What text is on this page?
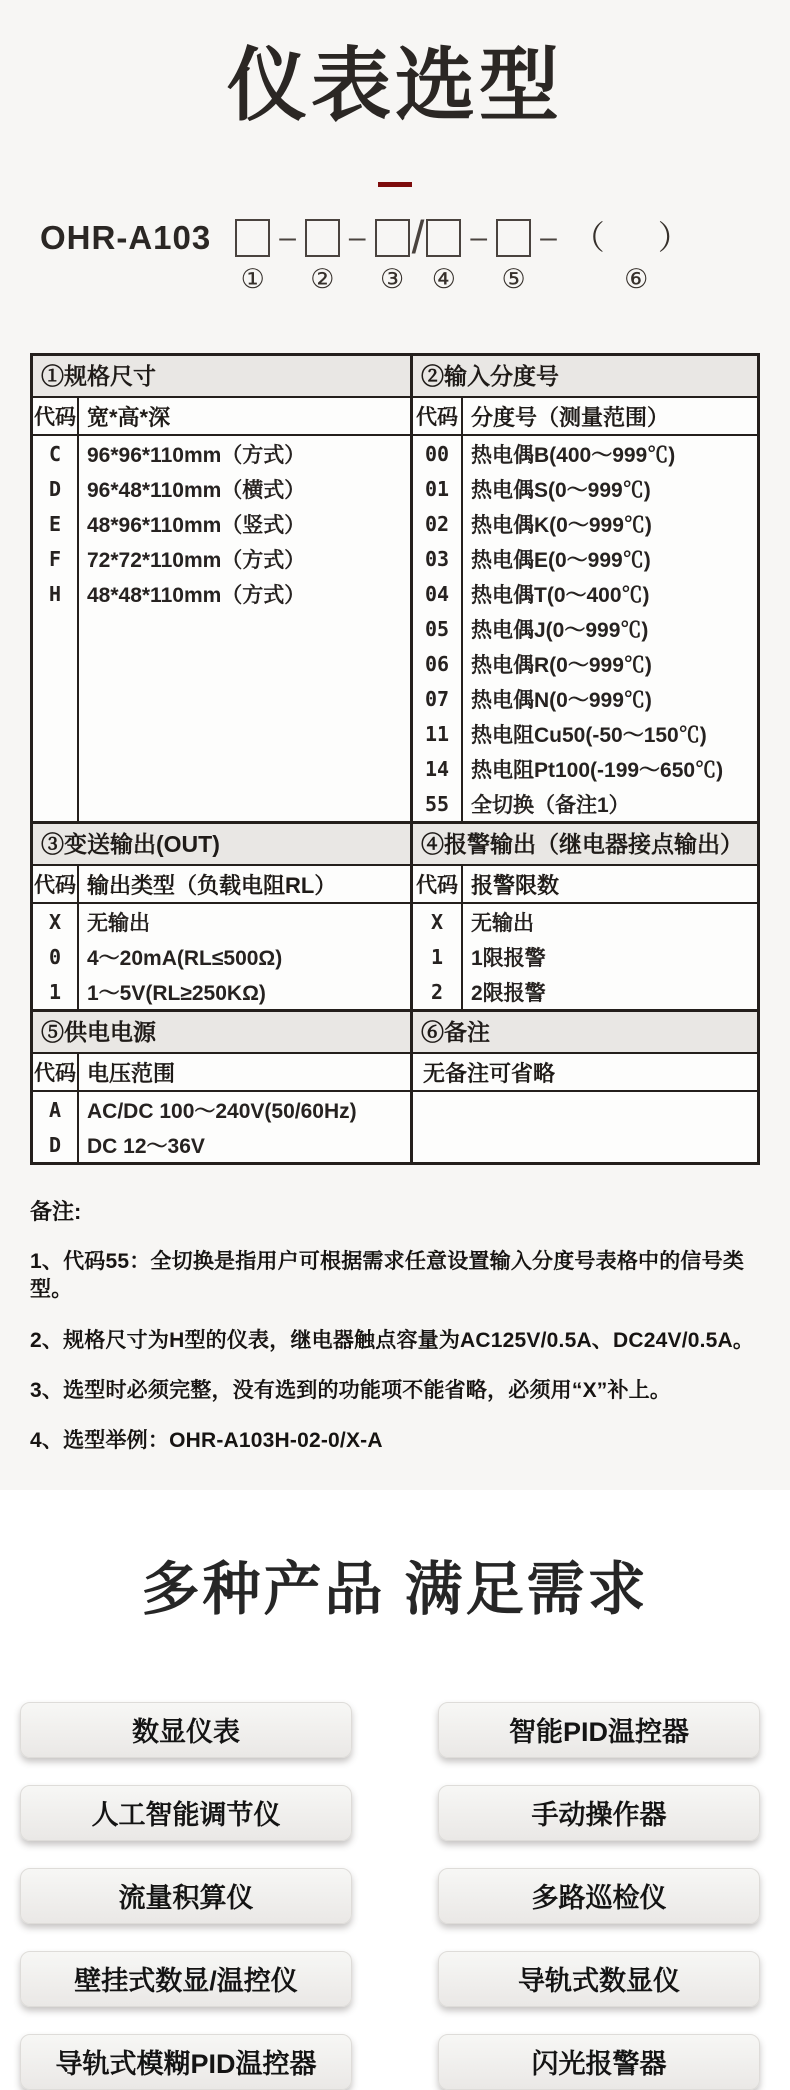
仪表选型
OHR-A103
①
–
②
–
③
/
④
–
⑤
– （　）
⑥
①规格尺寸	②输入分度号
代码 宽*高*深
C	96*96*110mm（方式）
D	96*48*110mm（横式）
E	48*96*110mm（竖式）
F	72*72*110mm（方式）
H	48*48*110mm（方式）
代码 分度号（测量范围）
00	热电偶B(400～999℃)
01	热电偶S(0～999℃)
02	热电偶K(0～999℃)
03	热电偶E(0～999℃)
04	热电偶T(0～400℃)
05	热电偶J(0～999℃)
06	热电偶R(0～999℃)
07	热电偶N(0～999℃)
11	热电阻Cu50(-50～150℃)
14	热电阻Pt100(-199～650℃)
55	全切换（备注1）
③变送输出(OUT)	④报警输出（继电器接点输出）
代码 输出类型（负载电阻RL）
X	无输出
0	4～20mA(RL≤500Ω)
1	1～5V(RL≥250KΩ)
代码 报警限数
X	无输出
1	1限报警
2	2限报警
⑤供电电源	⑥备注
代码 电压范围
A	AC/DC 100～240V(50/60Hz)
D	DC 12～36V
无备注可省略
备注:
1、代码55：全切换是指用户可根据需求任意设置输入分度号表格中的信号类型。
2、规格尺寸为H型的仪表，继电器触点容量为AC125V/0.5A、DC24V/0.5A。
3、选型时必须完整，没有选到的功能项不能省略，必须用“X”补上。
4、选型举例：OHR-A103H-02-0/X-A
多种产品 满足需求
数显仪表
人工智能调节仪
流量积算仪
壁挂式数显/温控仪
导轨式模糊PID温控器
智能PID温控器
手动操作器
多路巡检仪
导轨式数显仪
闪光报警器
